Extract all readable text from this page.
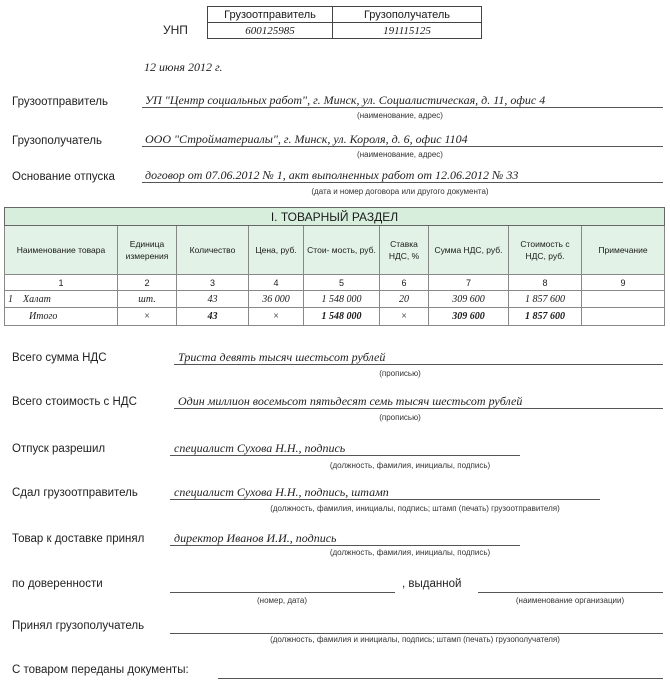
УНП
Грузоотправитель	Грузополучатель
600125985	191115125
12 июня 2012 г.
Грузоотправитель	УП "Центр социальных работ", г. Минск, ул. Социалистическая, д. 11, офис 4
(наименование, адрес)
Грузополучатель	ООО "Стройматериалы", г. Минск, ул. Короля, д. 6, офис 1104
(наименование, адрес)
Основание отпуска	договор от 07.06.2012 № 1, акт выполненных работ от 12.06.2012 № 33
(дата и номер договора или другого документа)
I. ТОВАРНЫЙ РАЗДЕЛ								
Наименование товара	Единица измерения	Количество	Цена, руб.	Стои- мость, руб.	Ставка НДС, %	Сумма НДС, руб.	Стоимость с НДС, руб.	Примечание
1	2	3	4	5	6	7	8	9
1 Халат	шт.	43	36 000	1 548 000	20	309 600	1 857 600	
Итого	×	43	×	1 548 000	×	309 600	1 857 600	
Всего сумма НДС	Триста девять тысяч шестьсот рублей
(прописью)
Всего стоимость с НДС	Один миллион восемьсот пятьдесят семь тысяч шестьсот рублей
(прописью)
Отпуск разрешил	специалист Сухова Н.Н., подпись
(должность, фамилия, инициалы, подпись)
Сдал грузоотправитель	специалист Сухова Н.Н., подпись, штамп
(должность, фамилия, инициалы, подпись; штамп (печать) грузоотправителя)
Товар к доставке принял директор Иванов И.И., подпись
(должность, фамилия, инициалы, подпись)
по доверенности
(номер, дата)
, выданной
(наименование организации)
Принял грузополучатель
(должность, фамилия и инициалы, подпись; штамп (печать) грузополучателя)
С товаром переданы документы:
